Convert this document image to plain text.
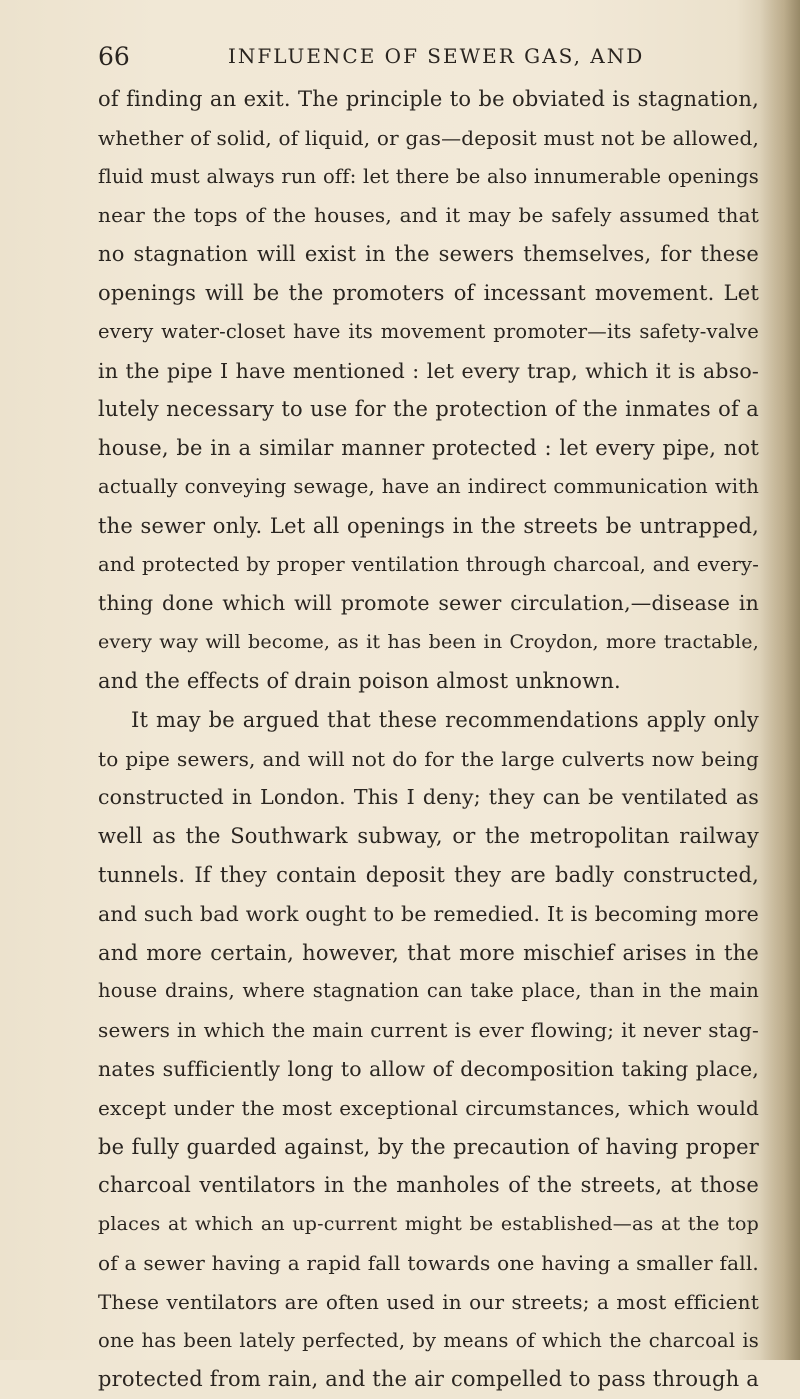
66	INFLUENCE OF SEWER GAS, AND
of finding an exit. The principle to be obviated is stagnation,
whether of solid, of liquid, or gas—deposit must not be allowed,
fluid must always run off: let there be also innumerable openings
near the tops of the houses, and it may be safely assumed that
no stagnation will exist in the sewers themselves, for these
openings will be the promoters of incessant movement. Let
every water-closet have its movement promoter—its safety-valve
in the pipe I have mentioned : let every trap, which it is abso-
lutely necessary to use for the protection of the inmates of a
house, be in a similar manner protected : let every pipe, not
actually conveying sewage, have an indirect communication with
the sewer only. Let all openings in the streets be untrapped,
and protected by proper ventilation through charcoal, and every-
thing done which will promote sewer circulation,—disease in
every way will become, as it has been in Croydon, more tractable,
and the effects of drain poison almost unknown.
It may be argued that these recommendations apply only
to pipe sewers, and will not do for the large culverts now being
constructed in London. This I deny; they can be ventilated as
well as the Southwark subway, or the metropolitan railway
tunnels. If they contain deposit they are badly constructed,
and such bad work ought to be remedied. It is becoming more
and more certain, however, that more mischief arises in the
house drains, where stagnation can take place, than in the main
sewers in which the main current is ever flowing; it never stag-
nates sufficiently long to allow of decomposition taking place,
except under the most exceptional circumstances, which would
be fully guarded against, by the precaution of having proper
charcoal ventilators in the manholes of the streets, at those
places at which an up-current might be established—as at the top
of a sewer having a rapid fall towards one having a smaller fall.
These ventilators are often used in our streets; a most efficient
one has been lately perfected, by means of which the charcoal is
protected from rain, and the air compelled to pass through a
